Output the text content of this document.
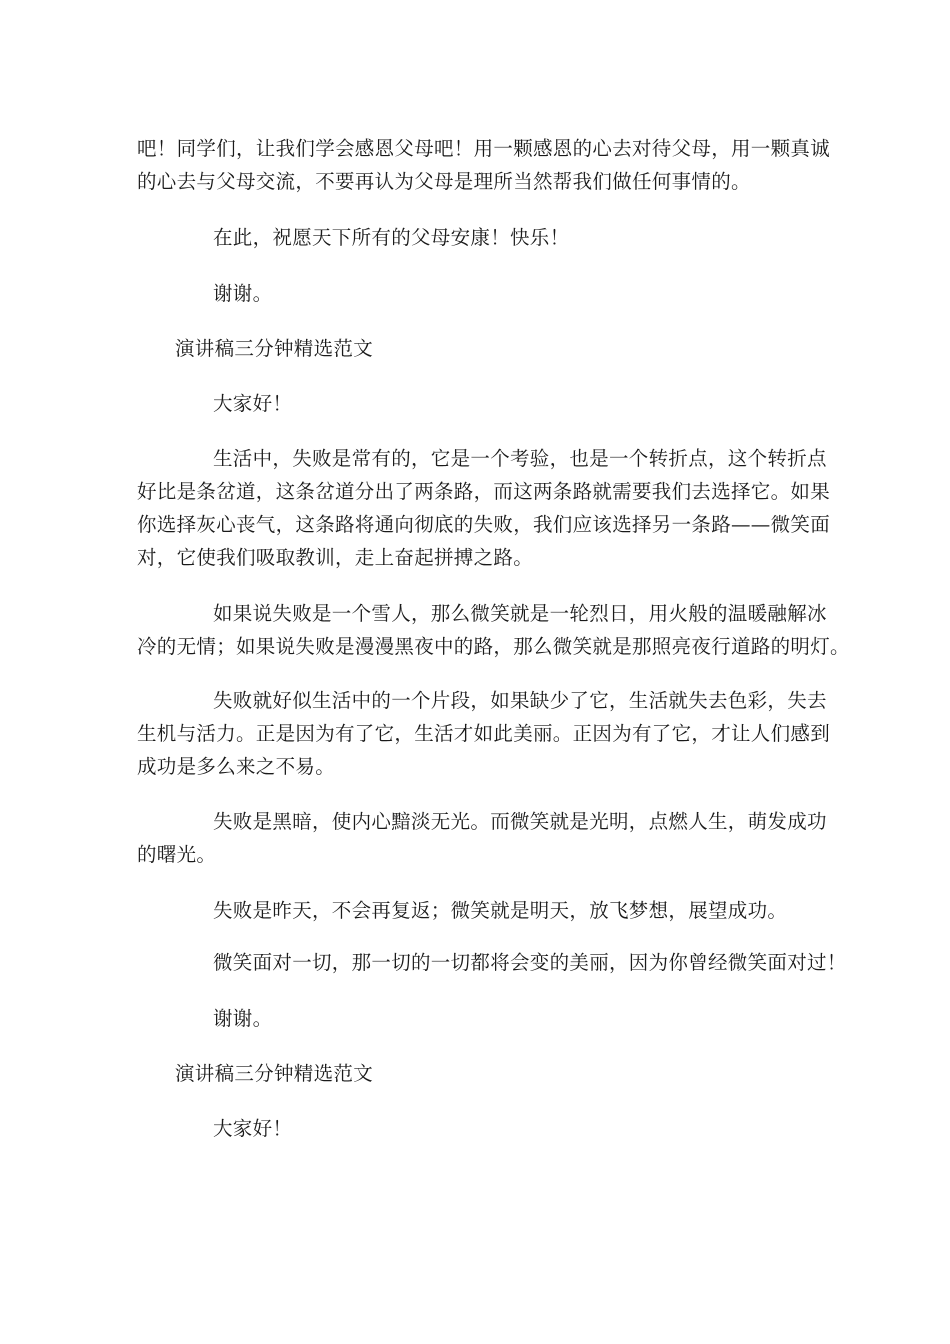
吧！同学们，让我们学会感恩父母吧！用一颗感恩的心去对待父母，用一颗真诚
的心去与父母交流，不要再认为父母是理所当然帮我们做任何事情的。

在此，祝愿天下所有的父母安康！快乐！

谢谢。

演讲稿三分钟精选范文

大家好！

生活中，失败是常有的，它是一个考验，也是一个转折点，这个转折点
好比是条岔道，这条岔道分出了两条路，而这两条路就需要我们去选择它。如果
你选择灰心丧气，这条路将通向彻底的失败，我们应该选择另一条路——微笑面
对，它使我们吸取教训，走上奋起拼搏之路。

如果说失败是一个雪人，那么微笑就是一轮烈日，用火般的温暖融解冰
冷的无情；如果说失败是漫漫黑夜中的路，那么微笑就是那照亮夜行道路的明灯。

失败就好似生活中的一个片段，如果缺少了它，生活就失去色彩，失去
生机与活力。正是因为有了它，生活才如此美丽。正因为有了它，才让人们感到
成功是多么来之不易。

失败是黑暗，使内心黯淡无光。而微笑就是光明，点燃人生，萌发成功
的曙光。

失败是昨天，不会再复返；微笑就是明天，放飞梦想，展望成功。

微笑面对一切，那一切的一切都将会变的美丽，因为你曾经微笑面对过！

谢谢。

演讲稿三分钟精选范文

大家好！
